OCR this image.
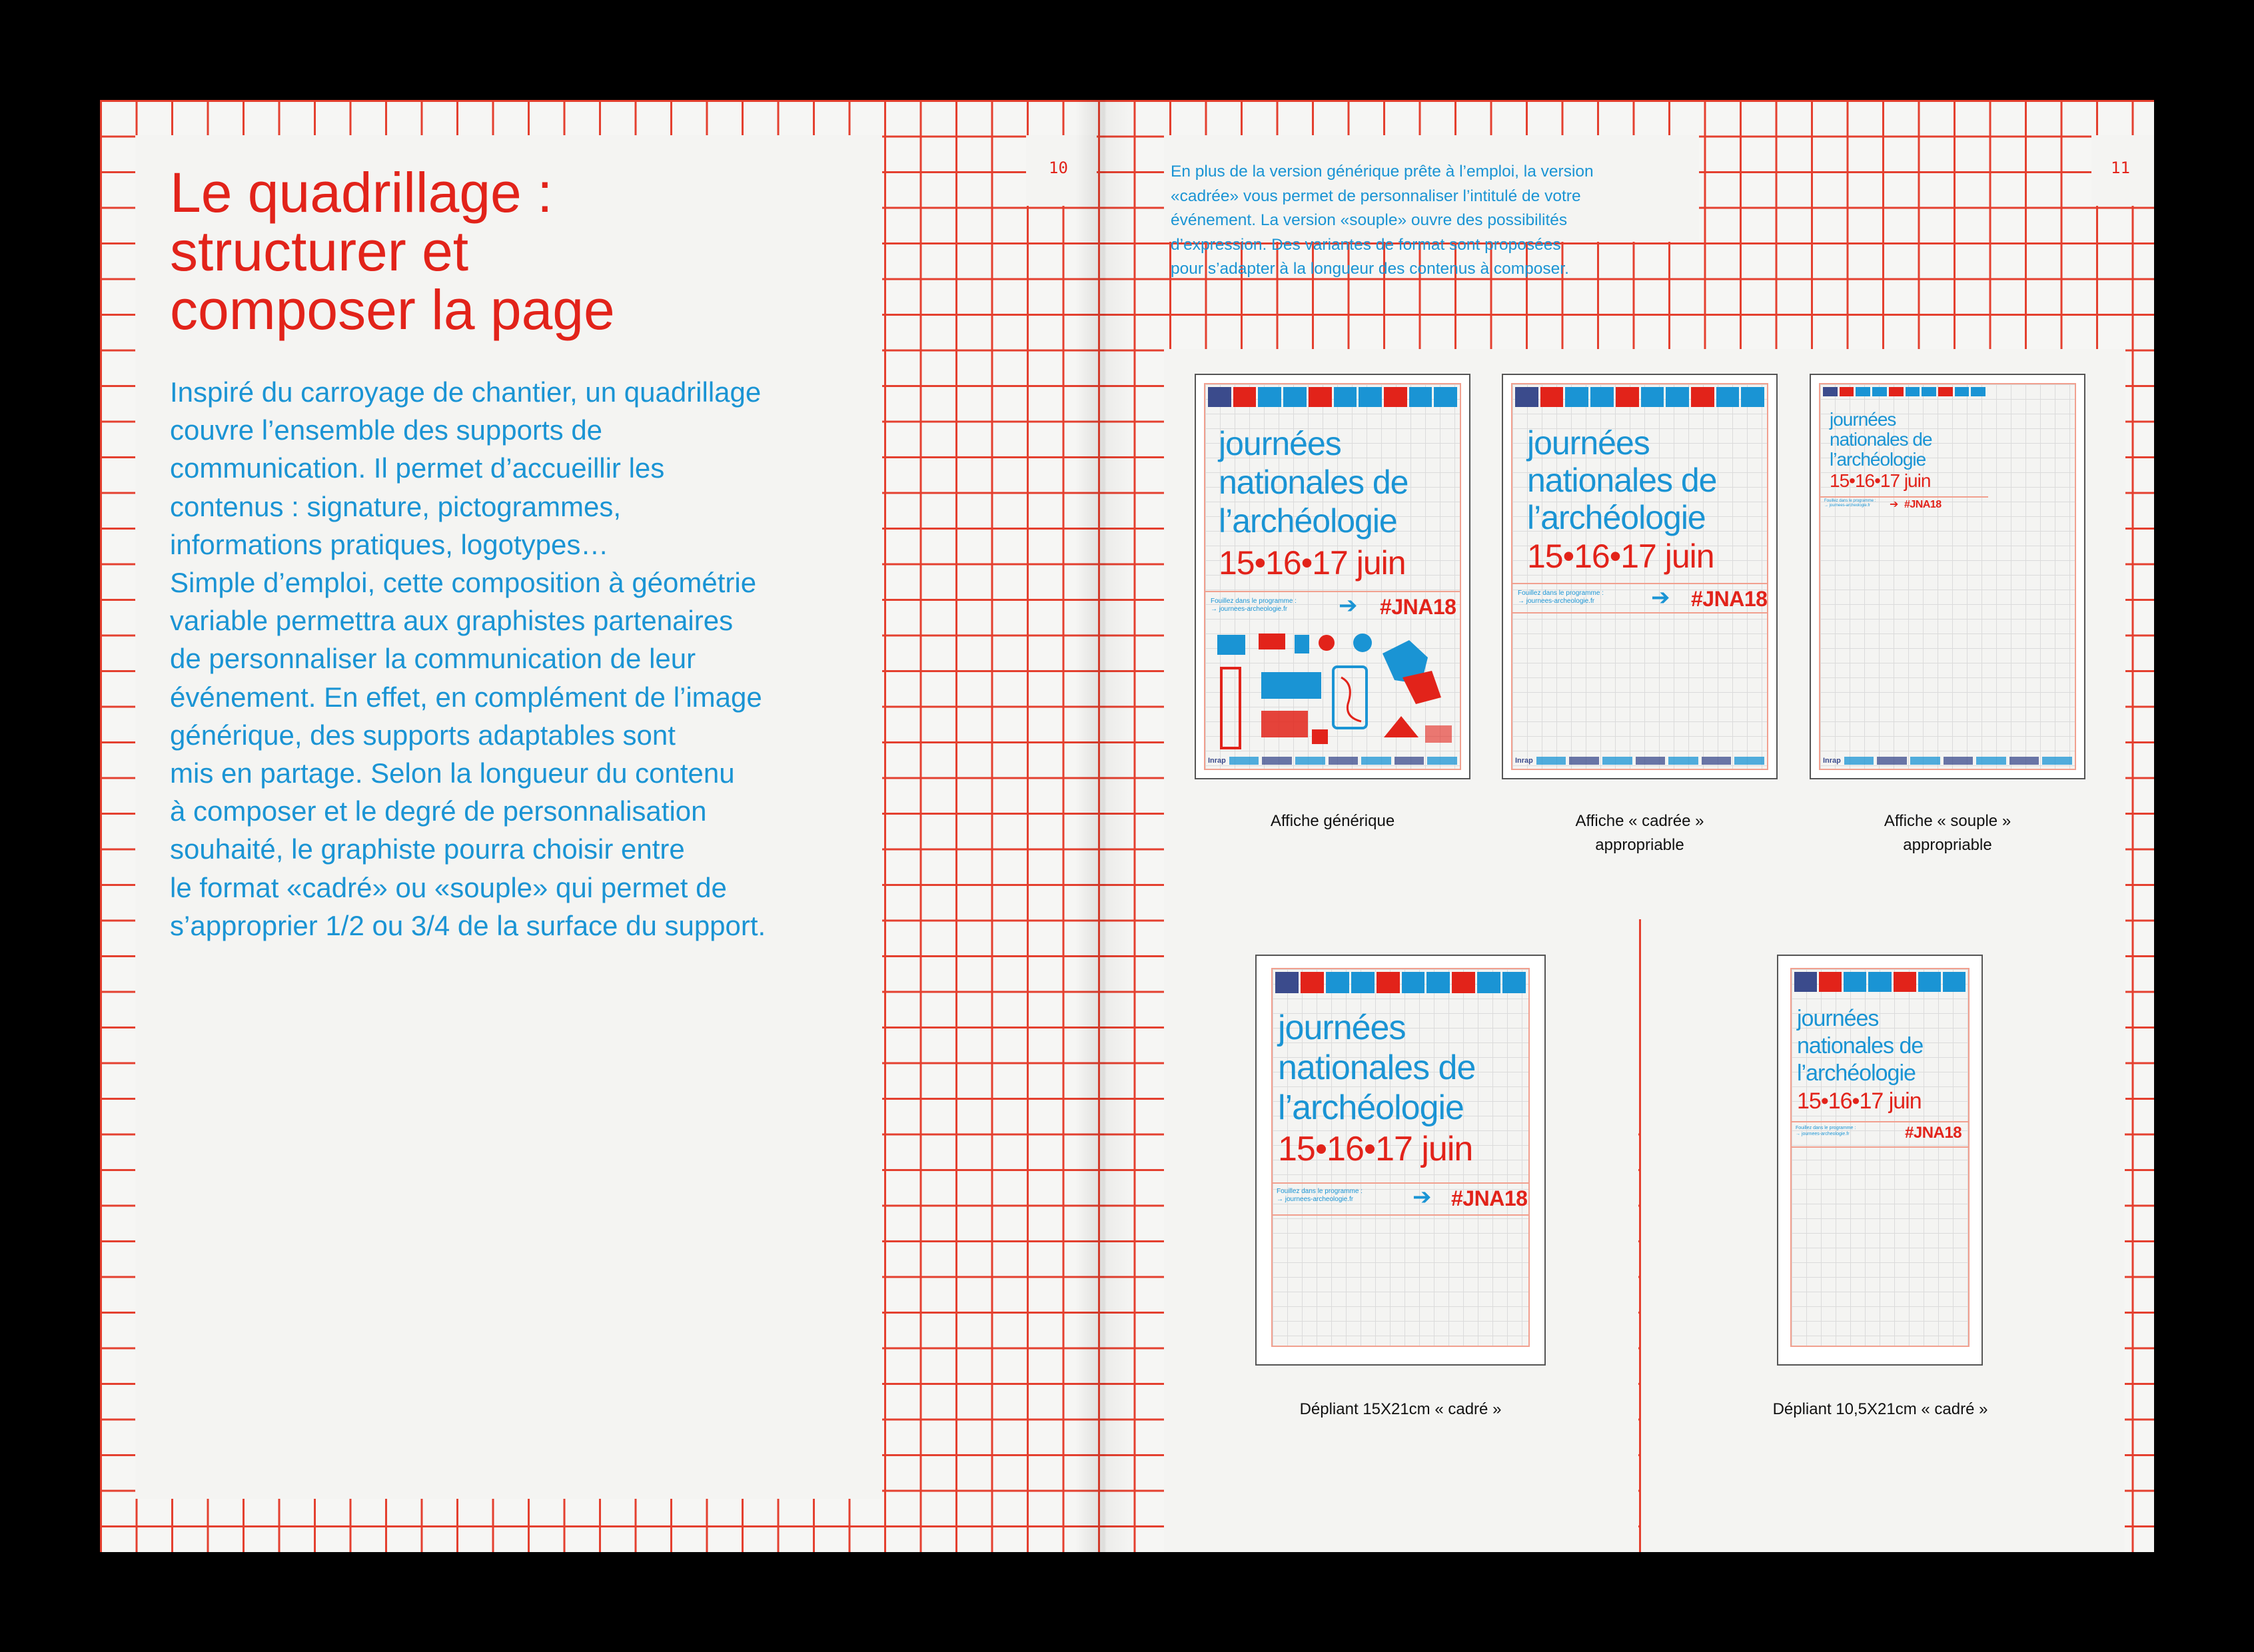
Le quadrillage :
structurer et
composer la page

Inspiré du carroyage de chantier, un quadrillage

couvre l’ensemble des supports de

communication. Il permet d’accueillir les

contenus : signature, pictogrammes,

informations pratiques, logotypes…

Simple d’emploi, cette composition à géométrie

variable permettra aux graphistes partenaires

de personnaliser la communication de leur

événement. En effet, en complément de l’image

générique, des supports adaptables sont

mis en partage. Selon la longueur du contenu

à composer et le degré de personnalisation

souhaité, le graphiste pourra choisir entre

le format «cadré» ou «souple» qui permet de

s’approprier 1/2 ou 3/4 de la surface du support.

10	En plus de la version générique prête à l’emploi, la version

«cadrée» vous permet de personnaliser l’intitulé de votre

événement. La version «souple» ouvre des possibilités

d’expression. Des variantes de format sont proposées

pour s’adapter à la longueur des contenus à composer.

11
journées
nationales de
l’archéologie
15•16•17 juin
Fouillez dans le programme :
→ journees-archeologie.fr	➔ #JNA18
Inrap
journées
nationales de
l’archéologie
15•16•17 juin
Fouillez dans le programme :
→ journees-archeologie.fr	➔ #JNA18
Inrap
journées
nationales de
l’archéologie
15•16•17 juin
Fouillez dans le programme :
→ journees-archeologie.fr	➔ #JNA18
Inrap
journées
nationales de
l’archéologie
15•16•17 juin
Fouillez dans le programme :
→ journees-archeologie.fr	➔ #JNA18
journées
nationales de
l’archéologie
15•16•17 juin
Fouillez dans le programme :
→ journees-archeologie.fr	#JNA18
Affiche générique	Affiche « cadrée »
appropriable
Affiche « souple »
appropriable
Dépliant 15X21cm « cadré »	Dépliant 10,5X21cm « cadré »
